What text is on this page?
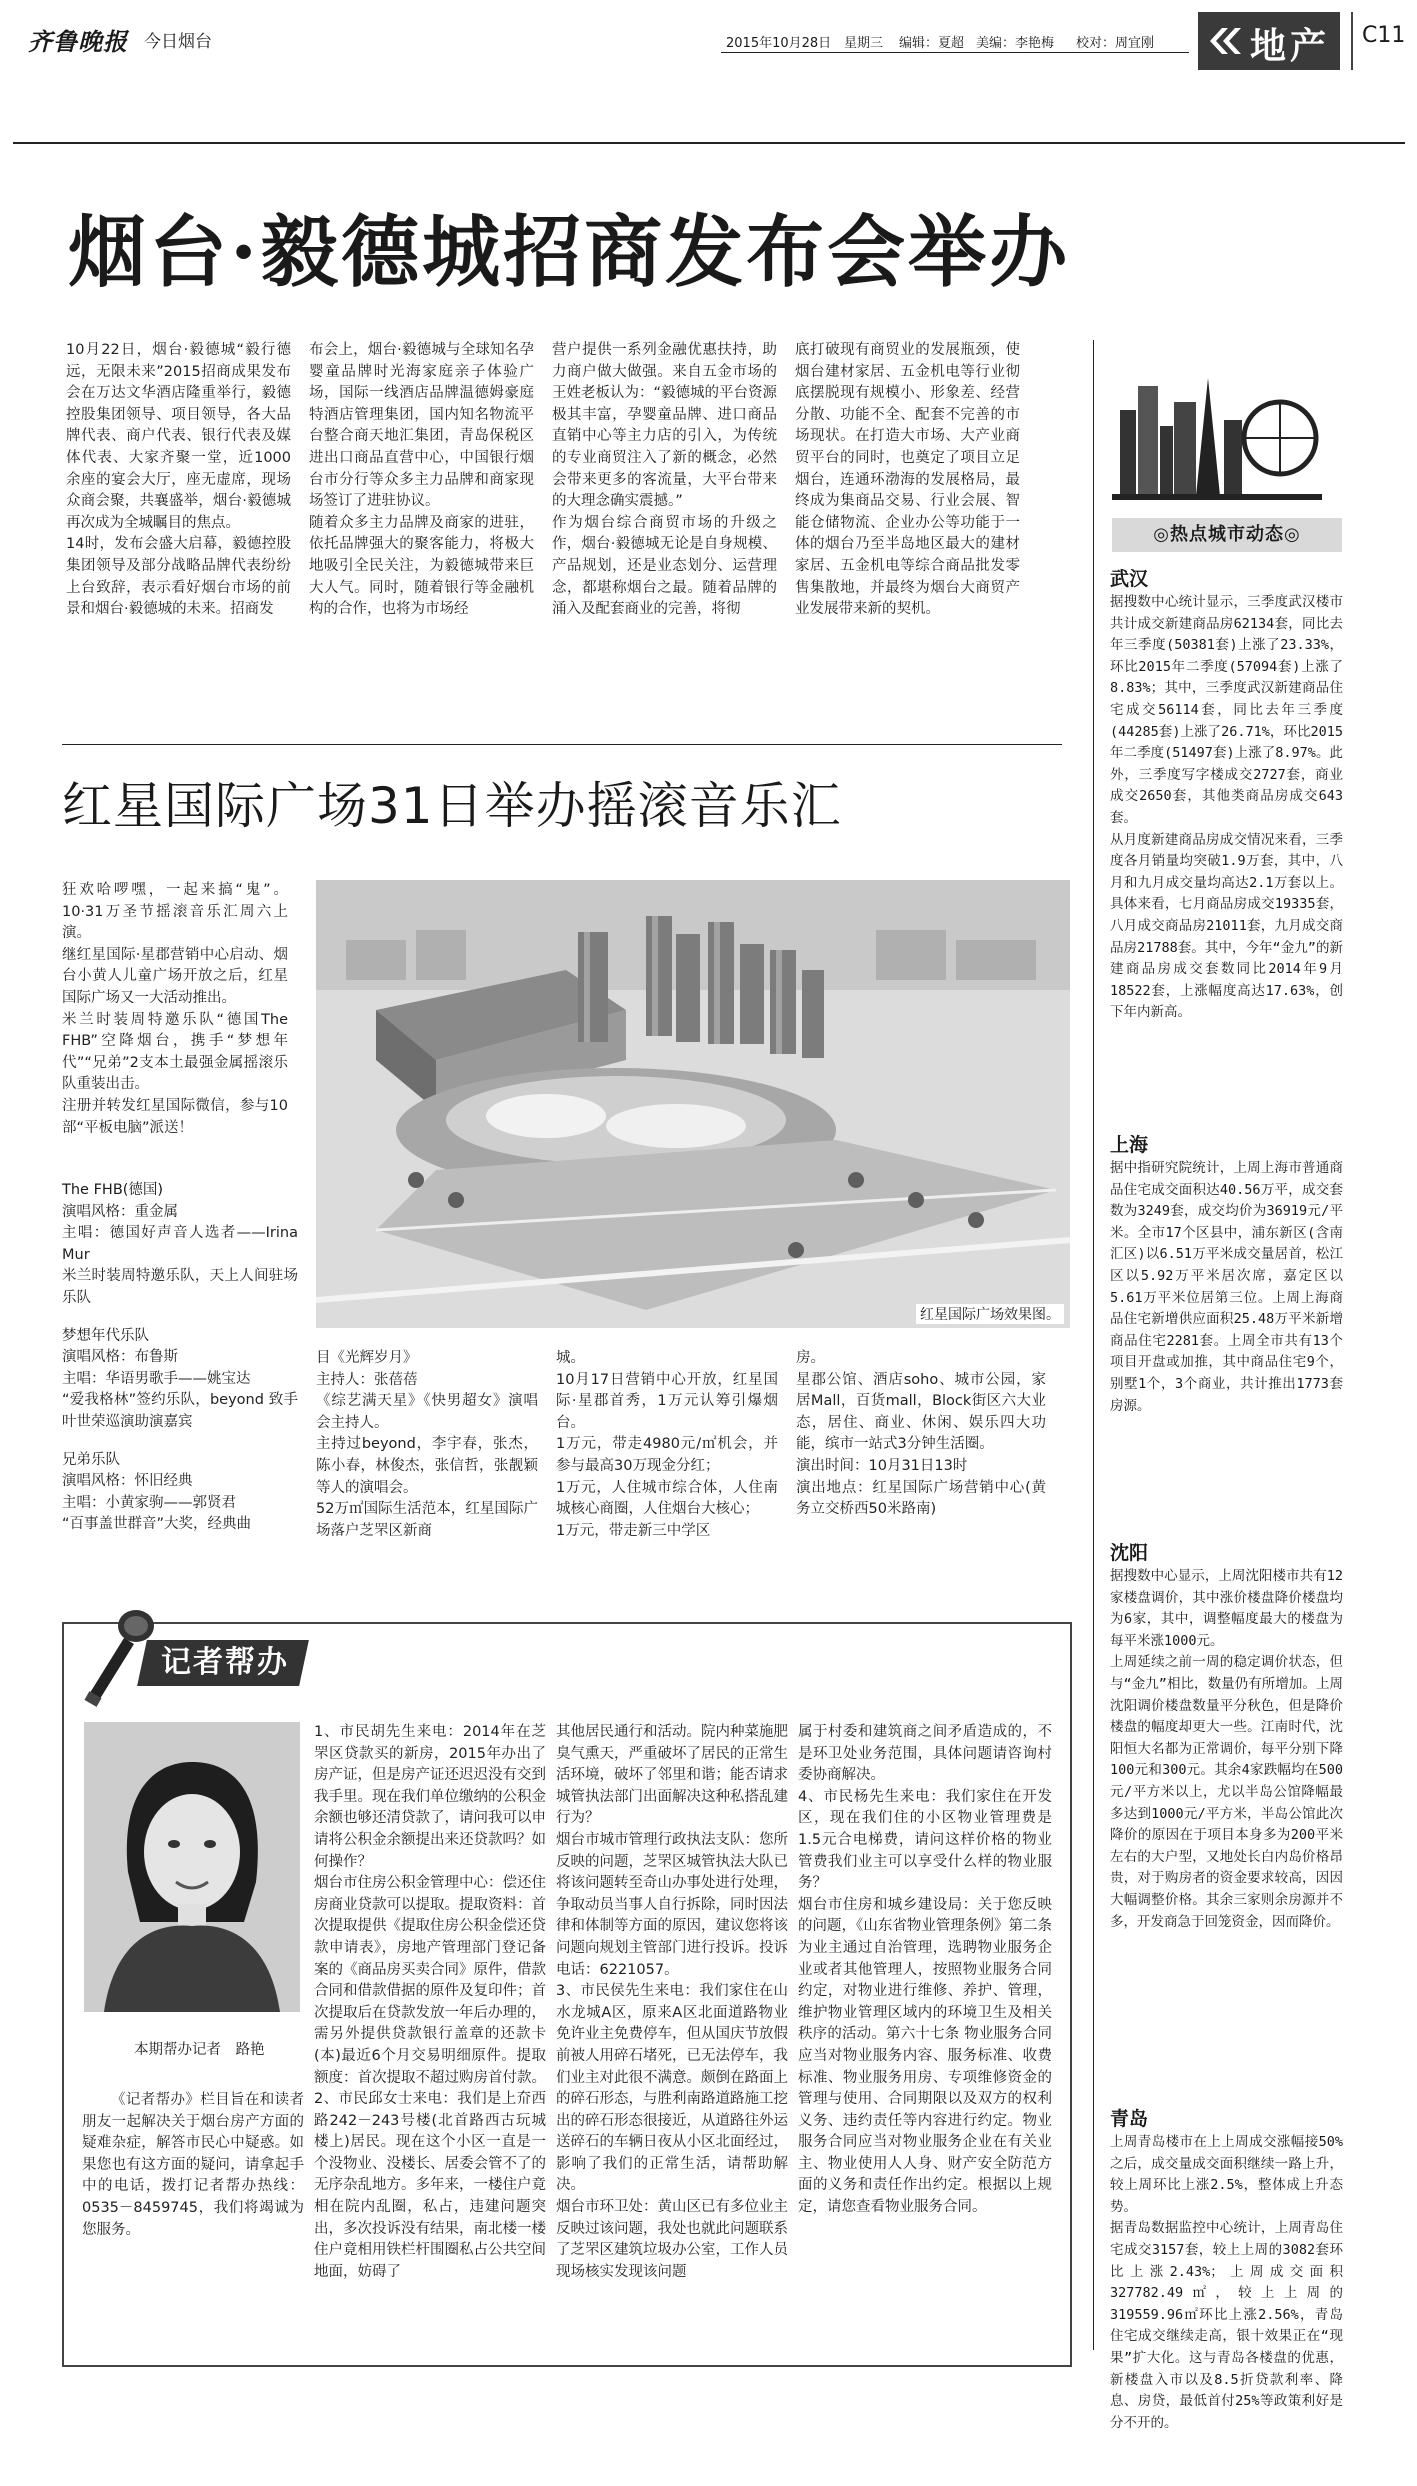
齐鲁晚报 今日烟台	2015年10月28日 星期三 编辑：夏超 美编：李艳梅 校对：周宜刚	地产 C11
烟台·毅德城招商发布会举办
10月22日，烟台·毅德城“毅行德远，无限未来”2015招商成果发布会在万达文华酒店隆重举行，毅德控股集团领导、项目领导，各大品牌代表、商户代表、银行代表及媒体代表、大家齐聚一堂，近1000余座的宴会大厅，座无虚席，现场众商会聚，共襄盛举，烟台·毅德城再次成为全城瞩目的焦点。
14时，发布会盛大启幕，毅德控股集团领导及部分战略品牌代表纷纷上台致辞，表示看好烟台市场的前景和烟台·毅德城的未来。招商发
布会上，烟台·毅德城与全球知名孕婴童品牌时光海家庭亲子体验广场，国际一线酒店品牌温德姆豪庭特酒店管理集团，国内知名物流平台整合商天地汇集团，青岛保税区进出口商品直营中心，中国银行烟台市分行等众多主力品牌和商家现场签订了进驻协议。
随着众多主力品牌及商家的进驻，依托品牌强大的聚客能力，将极大地吸引全民关注，为毅德城带来巨大人气。同时，随着银行等金融机构的合作，也将为市场经
营户提供一系列金融优惠扶持，助力商户做大做强。来自五金市场的王姓老板认为：“毅德城的平台资源极其丰富，孕婴童品牌、进口商品直销中心等主力店的引入，为传统的专业商贸注入了新的概念，必然会带来更多的客流量，大平台带来的大理念确实震撼。”
作为烟台综合商贸市场的升级之作，烟台·毅德城无论是自身规模、产品规划，还是业态划分、运营理念，都堪称烟台之最。随着品牌的涌入及配套商业的完善，将彻
底打破现有商贸业的发展瓶颈，使烟台建材家居、五金机电等行业彻底摆脱现有规模小、形象差、经营分散、功能不全、配套不完善的市场现状。在打造大市场、大产业商贸平台的同时，也奠定了项目立足烟台，连通环渤海的发展格局，最终成为集商品交易、行业会展、智能仓储物流、企业办公等功能于一体的烟台乃至半岛地区最大的建材家居、五金机电等综合商品批发零售集散地，并最终为烟台大商贸产业发展带来新的契机。
◎热点城市动态◎
武汉
据搜数中心统计显示，三季度武汉楼市共计成交新建商品房62134套，同比去年三季度(50381套)上涨了23.33%，环比2015年二季度(57094套)上涨了8.83%；其中，三季度武汉新建商品住宅成交56114套，同比去年三季度(44285套)上涨了26.71%，环比2015年二季度(51497套)上涨了8.97%。此外，三季度写字楼成交2727套，商业成交2650套，其他类商品房成交643套。
从月度新建商品房成交情况来看，三季度各月销量均突破1.9万套，其中，八月和九月成交量均高达2.1万套以上。具体来看，七月商品房成交19335套，八月成交商品房21011套，九月成交商品房21788套。其中，今年“金九”的新建商品房成交套数同比2014年9月18522套，上涨幅度高达17.63%，创下年内新高。
上海
据中指研究院统计，上周上海市普通商品住宅成交面积达40.56万平，成交套数为3249套，成交均价为36919元/平米。全市17个区县中，浦东新区(含南汇区)以6.51万平米成交量居首，松江区以5.92万平米居次席，嘉定区以5.61万平米位居第三位。上周上海商品住宅新增供应面积25.48万平米新增商品住宅2281套。上周全市共有13个项目开盘或加推，其中商品住宅9个，别墅1个，3个商业，共计推出1773套房源。
沈阳
据搜数中心显示，上周沈阳楼市共有12家楼盘调价，其中涨价楼盘降价楼盘均为6家，其中，调整幅度最大的楼盘为每平米涨1000元。
上周延续之前一周的稳定调价状态，但与“金九”相比，数量仍有所增加。上周沈阳调价楼盘数量平分秋色，但是降价楼盘的幅度却更大一些。江南时代，沈阳恒大名都为正常调价，每平分别下降100元和300元。其余4家跌幅均在500元/平方米以上，尤以半岛公馆降幅最多达到1000元/平方米，半岛公馆此次降价的原因在于项目本身多为200平米左右的大户型，又地处长白内岛价格昂贵，对于购房者的资金要求较高，因因大幅调整价格。其余三家则余房源并不多，开发商急于回笼资金，因而降价。
青岛
上周青岛楼市在上上周成交涨幅接50%之后，成交量成交面积继续一路上升，较上周环比上涨2.5%，整体成上升态势。
据青岛数据监控中心统计，上周青岛住宅成交3157套，较上上周的3082套环比上涨2.43%；上周成交面积327782.49㎡，较上上周的319559.96㎡环比上涨2.56%，青岛住宅成交继续走高，银十效果正在“现果”扩大化。这与青岛各楼盘的优惠，新楼盘入市以及8.5折贷款利率、降息、房贷，最低首付25%等政策利好是分不开的。
红星国际广场31日举办摇滚音乐汇
狂欢哈啰嘿，一起来搞“鬼”。10·31万圣节摇滚音乐汇周六上演。
继红星国际·星郡营销中心启动、烟台小黄人儿童广场开放之后，红星国际广场又一大活动推出。
米兰时装周特邀乐队“德国The FHB”空降烟台，携手“梦想年代”“兄弟”2支本土最强金属摇滚乐队重装出击。
注册并转发红星国际微信，参与10部“平板电脑”派送！
The FHB(德国)
演唱风格：重金属
主唱：德国好声音人选者——Irina Mur
米兰时装周特邀乐队，天上人间驻场乐队
梦想年代乐队
演唱风格：布鲁斯
主唱：华语男歌手——姚宝达
“爱我格林”签约乐队，beyond 致手叶世荣巡演助演嘉宾
兄弟乐队
演唱风格：怀旧经典
主唱：小黄家驹——郭贤君
“百事盖世群音”大奖，经典曲
红星国际广场效果图。
目《光辉岁月》
主持人：张蓓蓓
《综艺满天星》《快男超女》演唱会主持人。
主持过beyond，李宇春，张杰，陈小春，林俊杰，张信哲，张靓颖等人的演唱会。
52万㎡国际生活范本，红星国际广场落户芝罘区新商
城。
10月17日营销中心开放，红星国际·星郡首秀，1万元认筹引爆烟台。
1万元，带走4980元/㎡机会，并参与最高30万现金分红；
1万元，人住城市综合体，人住南城核心商圈，人住烟台大核心；
1万元，带走新三中学区
房。
星郡公馆、酒店soho、城市公园，家居Mall，百货mall，Block街区六大业态，居住、商业、休闲、娱乐四大功能，缤市一站式3分钟生活圈。
演出时间：10月31日13时
演出地点：红星国际广场营销中心(黄务立交桥西50米路南)
记者帮办
本期帮办记者　路艳
《记者帮办》栏目旨在和读者朋友一起解决关于烟台房产方面的疑难杂症，解答市民心中疑惑。如果您也有这方面的疑问，请拿起手中的电话，拨打记者帮办热线：0535－8459745，我们将竭诚为您服务。
1、市民胡先生来电：2014年在芝罘区贷款买的新房，2015年办出了房产证，但是房产证还迟迟没有交到我手里。现在我们单位缴纳的公积金余额也够还清贷款了，请问我可以申请将公积金余额提出来还贷款吗？如何操作？
烟台市住房公积金管理中心：偿还住房商业贷款可以提取。提取资料：首次提取提供《提取住房公积金偿还贷款申请表》，房地产管理部门登记备案的《商品房买卖合同》原件，借款合同和借款借据的原件及复印件；首次提取后在贷款发放一年后办理的，需另外提供贷款银行盖章的还款卡(本)最近6个月交易明细原件。提取额度：首次提取不超过购房首付款。
2、市民邱女士来电：我们是上夼西路242－243号楼(北首路西古玩城楼上)居民。现在这个小区一直是一个没物业、没楼长、居委会管不了的无序杂乱地方。多年来，一楼住户竟相在院内乱圈，私占，违建问题突出，多次投诉没有结果，南北楼一楼住户竟相用铁栏杆围圈私占公共空间地面，妨碍了
其他居民通行和活动。院内种菜施肥臭气熏天，严重破坏了居民的正常生活环境，破坏了邻里和谐；能否请求城管执法部门出面解决这种私搭乱建行为？
烟台市城市管理行政执法支队：您所反映的问题，芝罘区城管执法大队已将该问题转至奇山办事处进行处理，争取动员当事人自行拆除，同时因法律和体制等方面的原因，建议您将该问题向规划主管部门进行投诉。投诉电话：6221057。
3、市民侯先生来电：我们家住在山水龙城A区，原来A区北面道路物业免许业主免费停车，但从国庆节放假前被人用碎石堵死，已无法停车，我们业主对此很不满意。颇倒在路面上的碎石形态，与胜利南路道路施工挖出的碎石形态很接近，从道路往外运送碎石的车辆日夜从小区北面经过，影响了我们的正常生活，请帮助解决。
烟台市环卫处：黄山区已有多位业主反映过该问题，我处也就此问题联系了芝罘区建筑垃圾办公室，工作人员现场核实发现该问题
属于村委和建筑商之间矛盾造成的，不是环卫处业务范围，具体问题请咨询村委协商解决。
4、市民杨先生来电：我们家住在开发区，现在我们住的小区物业管理费是1.5元合电梯费，请问这样价格的物业管费我们业主可以享受什么样的物业服务？
烟台市住房和城乡建设局：关于您反映的问题，《山东省物业管理条例》第二条为业主通过自治管理，选聘物业服务企业或者其他管理人，按照物业服务合同约定，对物业进行维修、养护、管理，维护物业管理区域内的环境卫生及相关秩序的活动。第六十七条 物业服务合同应当对物业服务内容、服务标准、收费标准、物业服务用房、专项维修资金的管理与使用、合同期限以及双方的权利义务、违约责任等内容进行约定。物业服务合同应当对物业服务企业在有关业主、物业使用人人身、财产安全防范方面的义务和责任作出约定。根据以上规定，请您查看物业服务合同。
